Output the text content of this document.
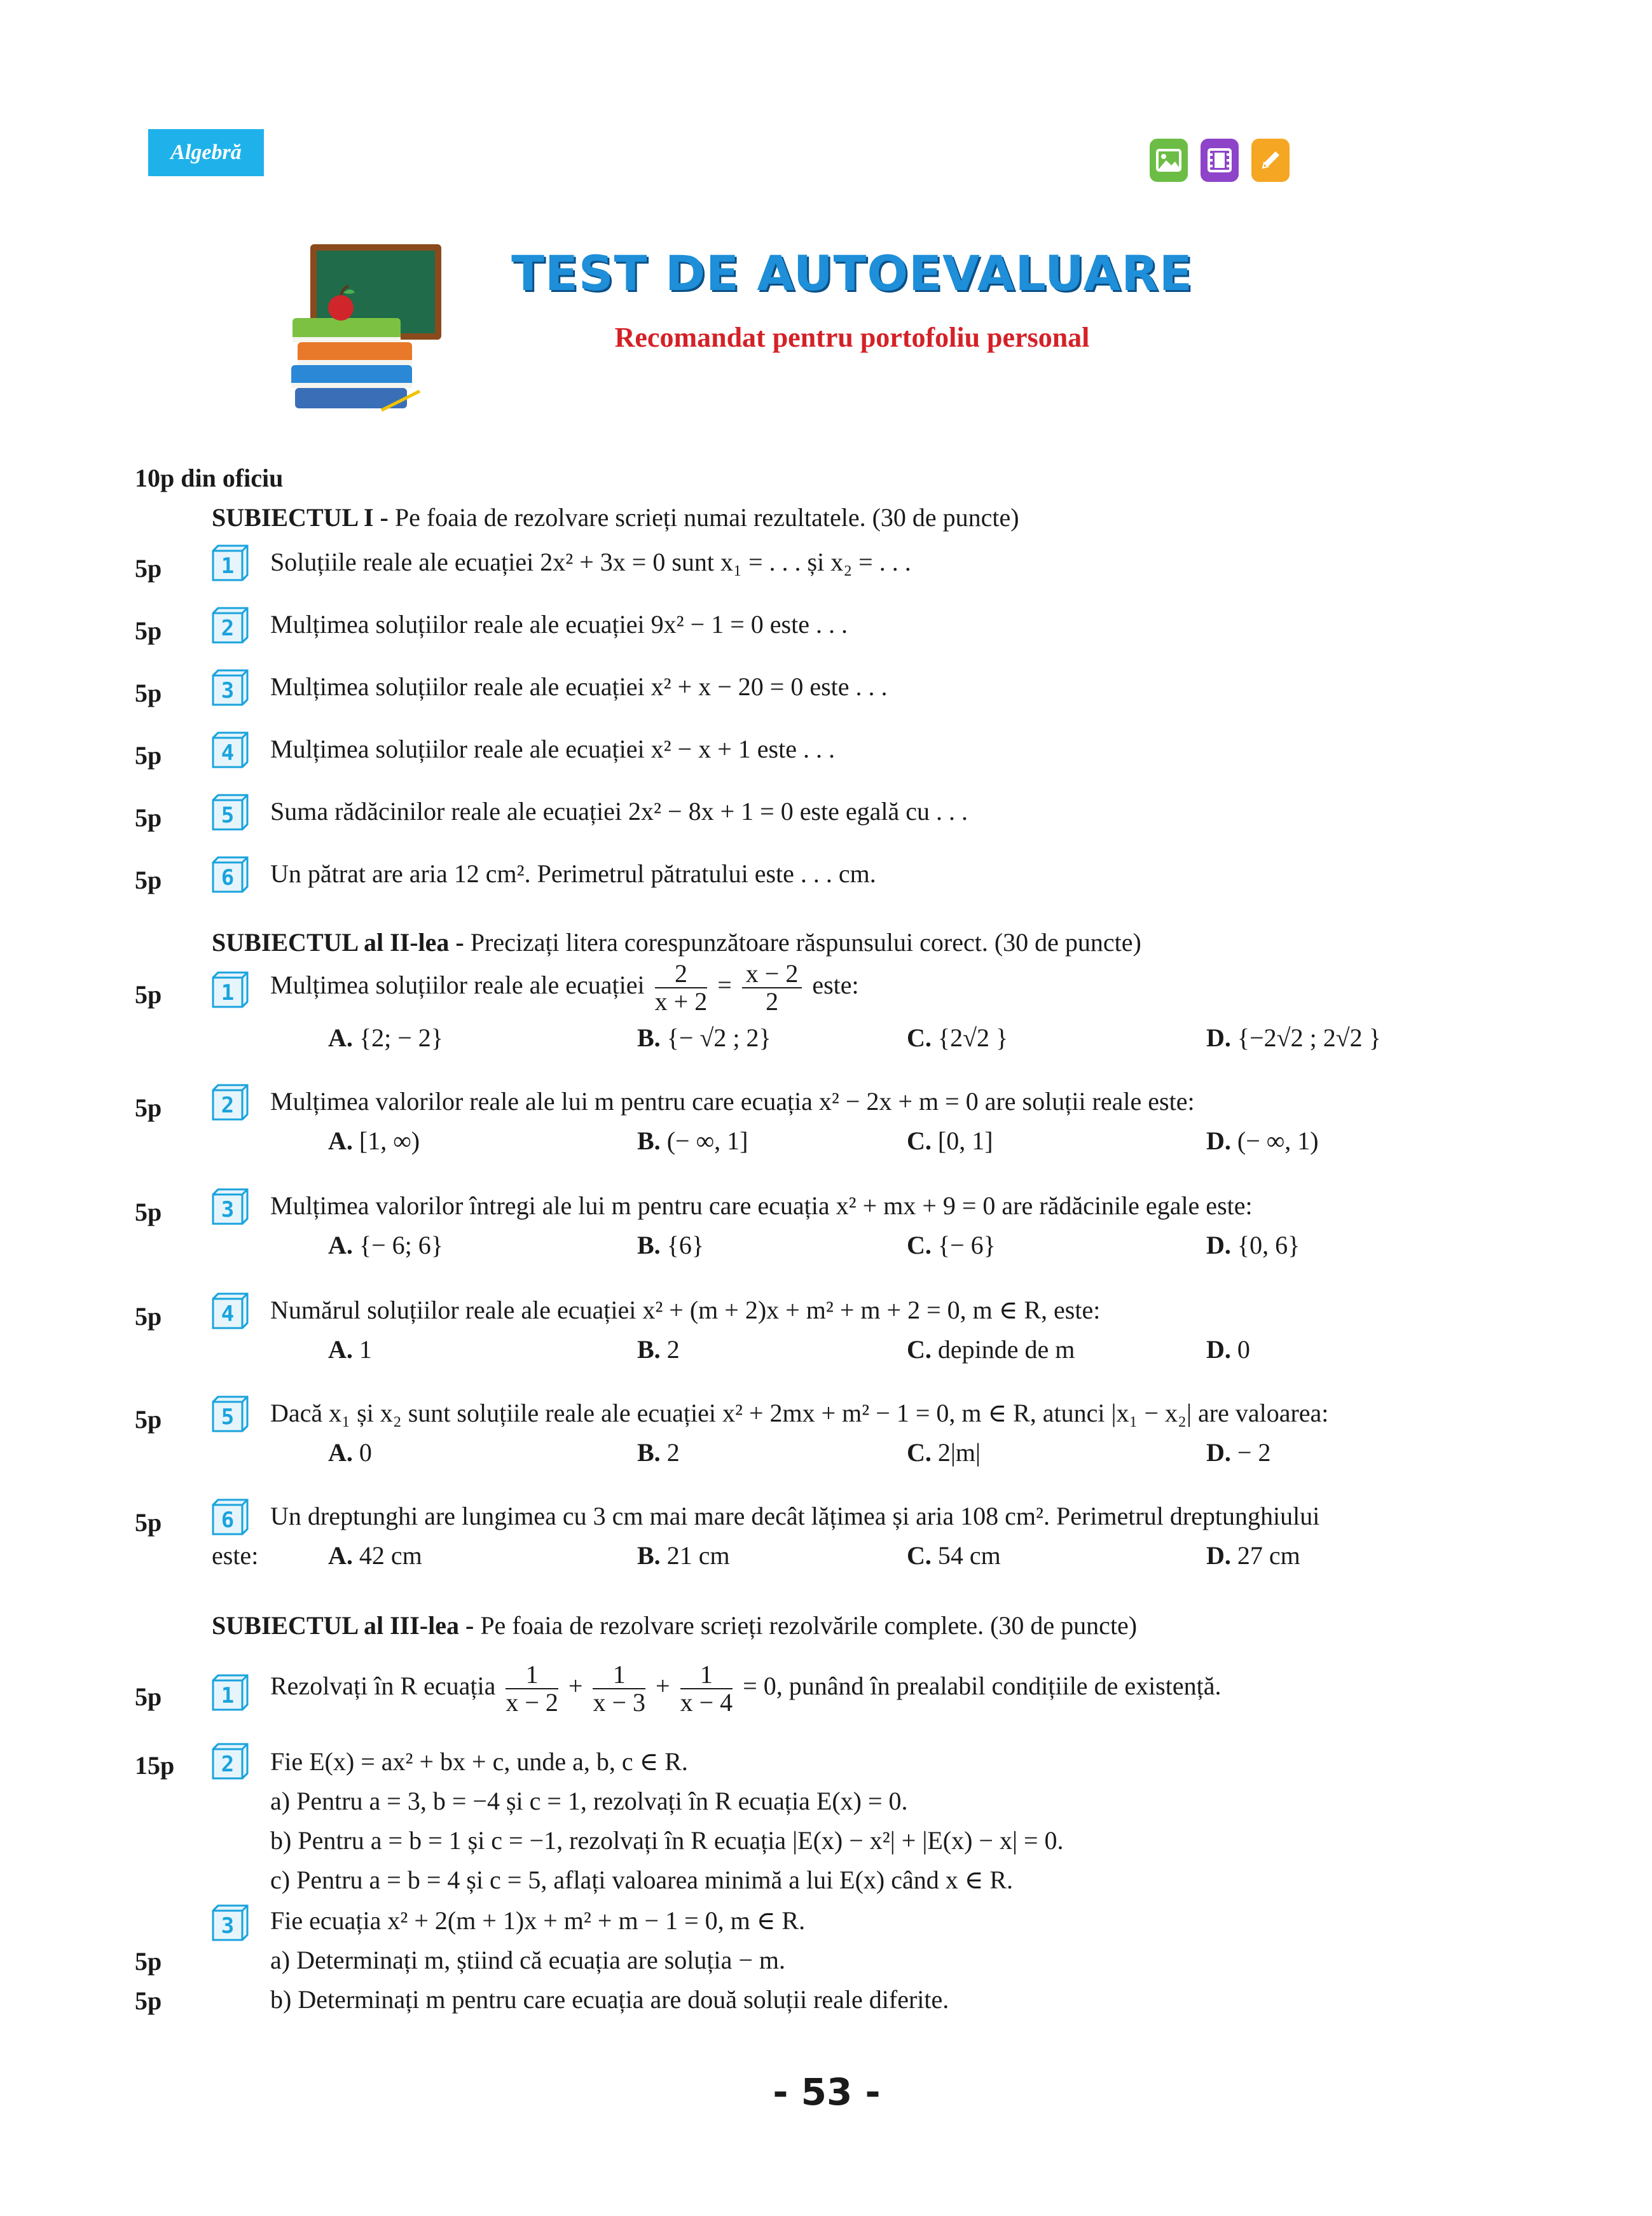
Algebră
TEST DE AUTOEVALUARE
Recomandat pentru portofoliu personal
10p din oficiu
SUBIECTUL I - Pe foaia de rezolvare scrieți numai rezultatele. (30 de puncte)
5p	1 Soluțiile reale ale ecuației 2x² + 3x = 0 sunt x₁ = . . . și x₂ = . . .
5p	2 Mulțimea soluțiilor reale ale ecuației 9x² − 1 = 0 este . . .
5p	3 Mulțimea soluțiilor reale ale ecuației x² + x − 20 = 0 este . . .
5p	4 Mulțimea soluțiilor reale ale ecuației x² − x + 1 este . . .
5p	5 Suma rădăcinilor reale ale ecuației 2x² − 8x + 1 = 0 este egală cu . . .
5p	6 Un pătrat are aria 12 cm². Perimetrul pătratului este . . . cm.
SUBIECTUL al II-lea - Precizați litera corespunzătoare răspunsului corect. (30 de puncte)
5p	1 Mulțimea soluțiilor reale ale ecuației $\frac{2}{x + 2} = \frac{x - 2}{2}$ este:
A. {2; − 2}	B. {− √2 ; 2}	C. {2√2 }	D. {−2√2 ; 2√2 }
5p	2 Mulțimea valorilor reale ale lui m pentru care ecuația x² − 2x + m = 0 are soluții reale este:
A. [1, ∞)	B. (− ∞, 1]	C. [0, 1]	D. (− ∞, 1)
5p	3 Mulțimea valorilor întregi ale lui m pentru care ecuația x² + mx + 9 = 0 are rădăcinile egale este:
A. {− 6; 6}	B. {6}	C. {− 6}	D. {0, 6}
5p	4 Numărul soluțiilor reale ale ecuației x² + (m + 2)x + m² + m + 2 = 0, m ∈ R, este:
A. 1	B. 2	C. depinde de m	D. 0
5p	5 Dacă x₁ și x₂ sunt soluțiile reale ale ecuației x² + 2mx + m² − 1 = 0, m ∈ R, atunci |x₁ − x₂| are valoarea:
A. 0	B. 2	C. 2|m|	D. − 2
5p	6 Un dreptunghi are lungimea cu 3 cm mai mare decât lățimea și aria 108 cm². Perimetrul dreptunghiului
este:	A. 42 cm	B. 21 cm	C. 54 cm	D. 27 cm
SUBIECTUL al III-lea - Pe foaia de rezolvare scrieți rezolvările complete. (30 de puncte)
5p	1 Rezolvați în R ecuația $\frac{1}{x - 2} + \frac{1}{x - 3} + \frac{1}{x - 4} = 0$, punând în prealabil condițiile de existență.
15p 2 Fie E(x) = ax² + bx + c, unde a, b, c ∈ R.
a) Pentru a = 3, b = −4 și c = 1, rezolvați în R ecuația E(x) = 0.
b) Pentru a = b = 1 și c = −1, rezolvați în R ecuația |E(x) − x²| + |E(x) − x| = 0.
c) Pentru a = b = 4 și c = 5, aflați valoarea minimă a lui E(x) când x ∈ R.
3 Fie ecuația x² + 2(m + 1)x + m² + m − 1 = 0, m ∈ R.
5p	a) Determinați m, știind că ecuația are soluția − m.
5p	b) Determinați m pentru care ecuația are două soluții reale diferite.
- 53 -
